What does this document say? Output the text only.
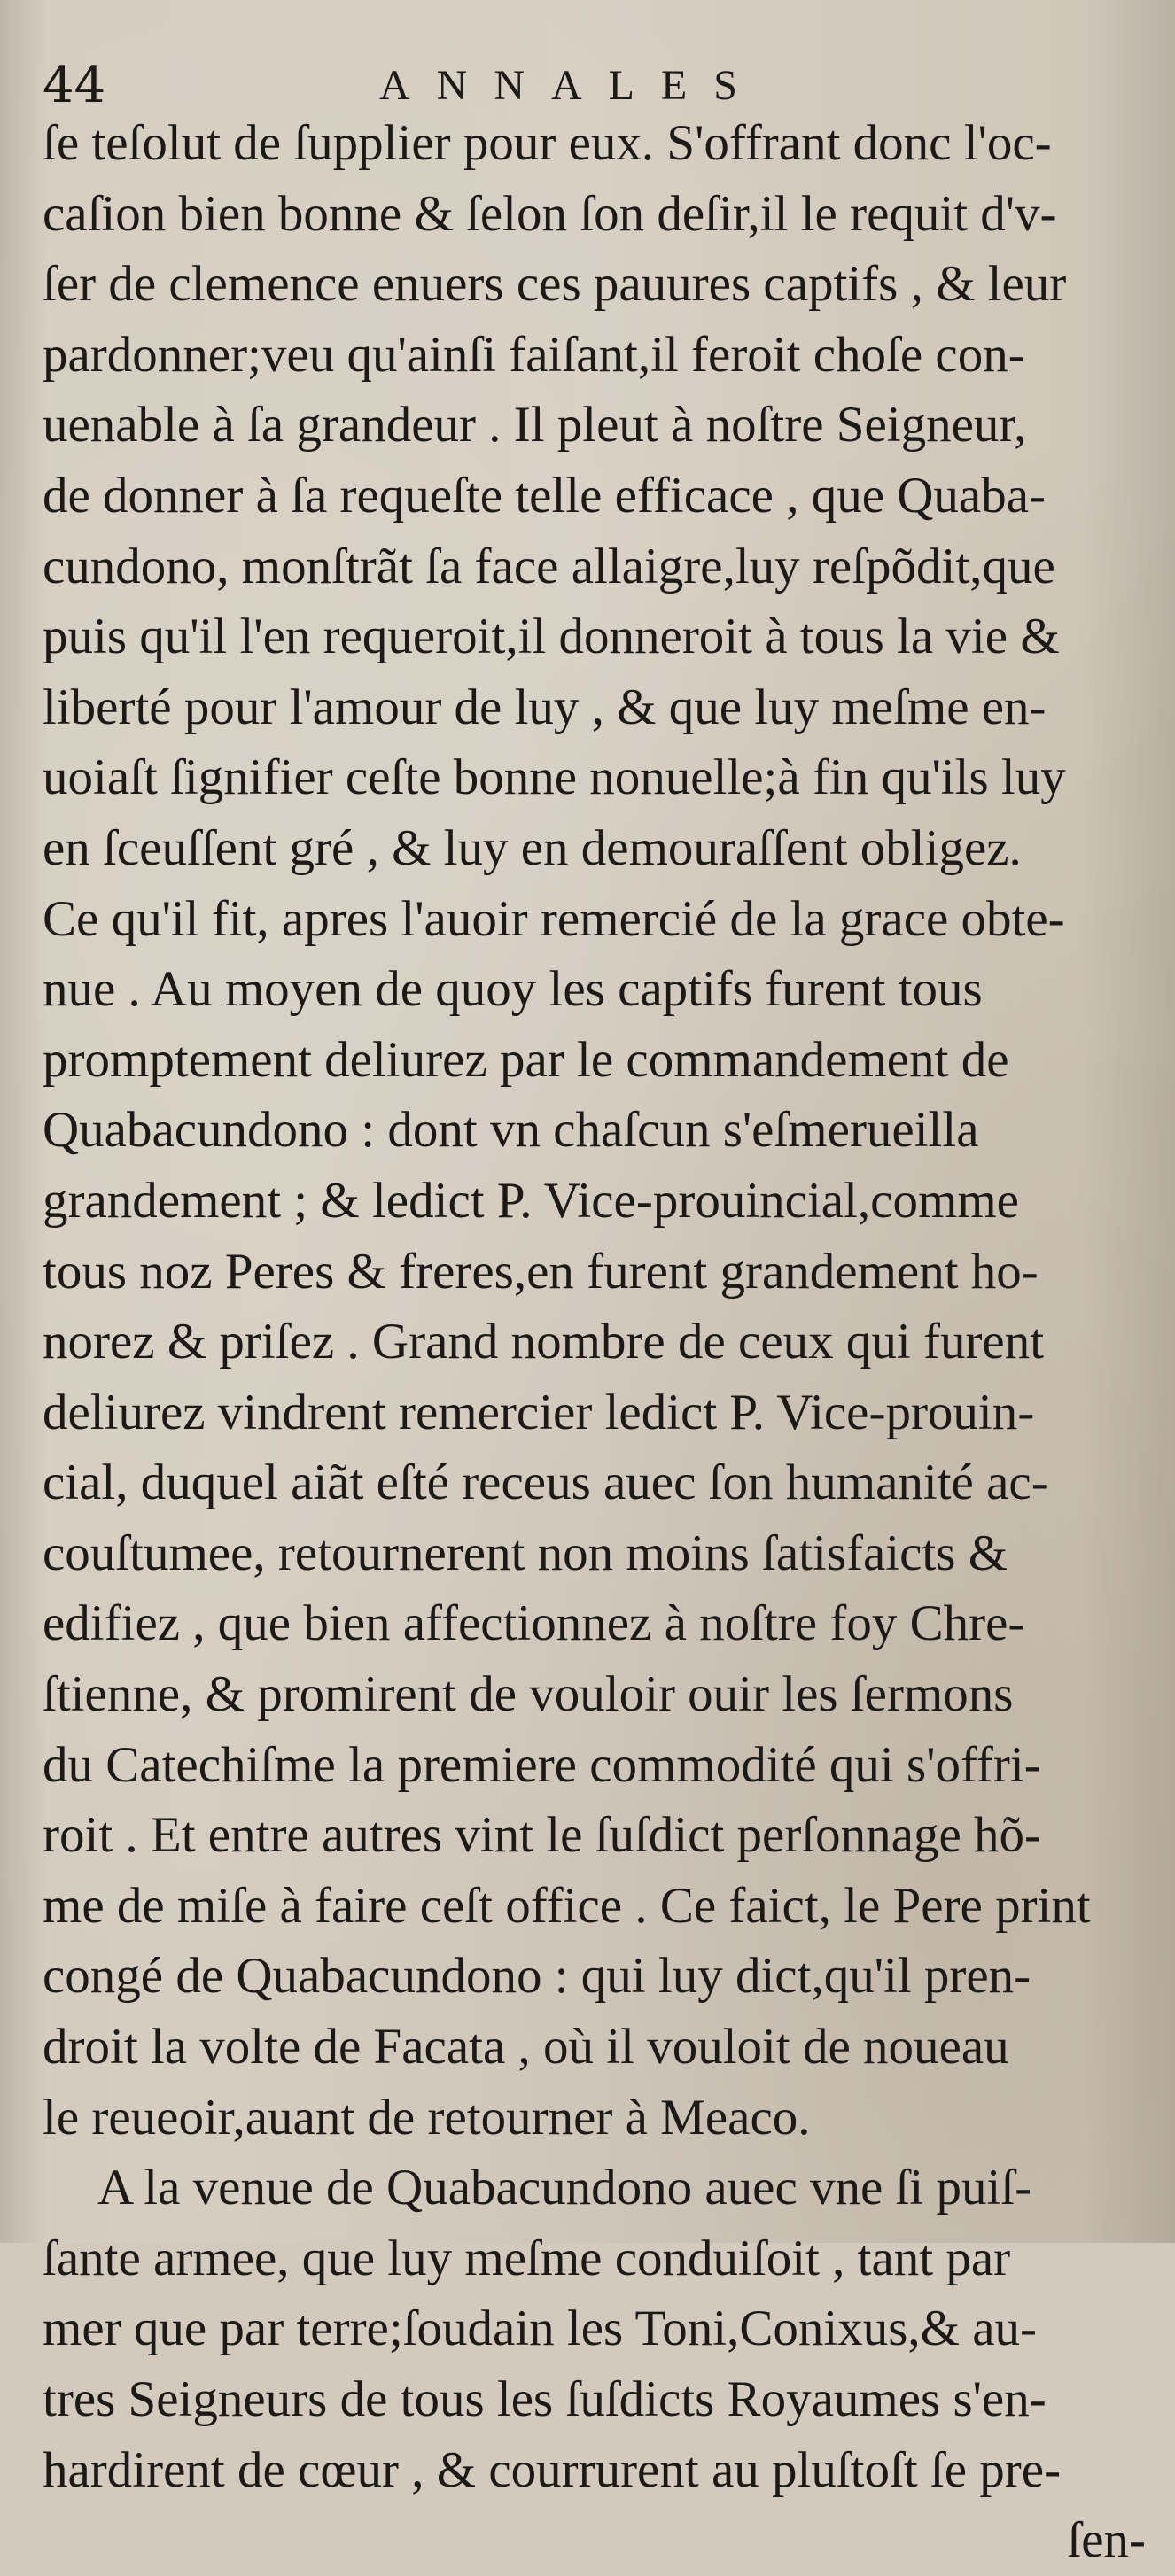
44	ANNALES
ſe teſolut de ſupplier pour eux. S'offrant donc l'oc-
caſion bien bonne & ſelon ſon deſir,il le requit d'v-
ſer de clemence enuers ces pauures captifs , & leur
pardonner;veu qu'ainſi faiſant,il feroit choſe con-
uenable à ſa grandeur . Il pleut à noſtre Seigneur,
de donner à ſa requeſte telle efficace , que Quaba-
cundono, monſtrãt ſa face allaigre,luy reſpõdit,que
puis qu'il l'en requeroit,il donneroit à tous la vie &
liberté pour l'amour de luy , & que luy meſme en-
uoiaſt ſignifier ceſte bonne nonuelle;à fin qu'ils luy
en ſceuſſent gré , & luy en demouraſſent obligez.
Ce qu'il fit, apres l'auoir remercié de la grace obte-
nue . Au moyen de quoy les captifs furent tous
promptement deliurez par le commandement de
Quabacundono : dont vn chaſcun s'eſmerueilla
grandement ; & ledict P. Vice-prouincial,comme
tous noz Peres & freres,en furent grandement ho-
norez & priſez . Grand nombre de ceux qui furent
deliurez vindrent remercier ledict P. Vice-prouin-
cial, duquel aiãt eſté receus auec ſon humanité ac-
couſtumee, retournerent non moins ſatisfaicts &
edifiez , que bien affectionnez à noſtre foy Chre-
ſtienne, & promirent de vouloir ouir les ſermons
du Catechiſme la premiere commodité qui s'offri-
roit . Et entre autres vint le ſuſdict perſonnage hõ-
me de miſe à faire ceſt office . Ce faict, le Pere print
congé de Quabacundono : qui luy dict,qu'il pren-
droit la volte de Facata , où il vouloit de noueau
le reueoir,auant de retourner à Meaco.
A la venue de Quabacundono auec vne ſi puiſ-
ſante armee, que luy meſme conduiſoit , tant par
mer que par terre;ſoudain les Toni,Conixus,& au-
tres Seigneurs de tous les ſuſdicts Royaumes s'en-
hardirent de cœur , & courrurent au pluſtoſt ſe pre-
ſen-
